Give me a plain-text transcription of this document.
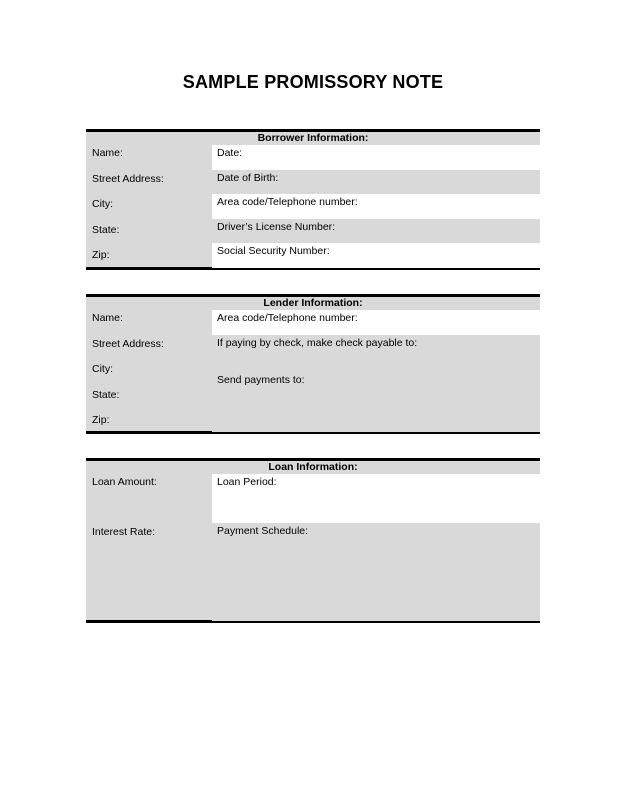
SAMPLE PROMISSORY NOTE
Borrower Information:
Name:
Street Address:
City:
State:
Zip:
Date:
Date of Birth:
Area code/Telephone number:
Driver’s License Number:
Social Security Number:
Lender Information:
Name:
Street Address:
City:
State:
Zip:
Area code/Telephone number:
If paying by check, make check payable to:
Send payments to:
Loan Information:
Loan Amount:
Interest Rate:
Loan Period:
Payment Schedule:
